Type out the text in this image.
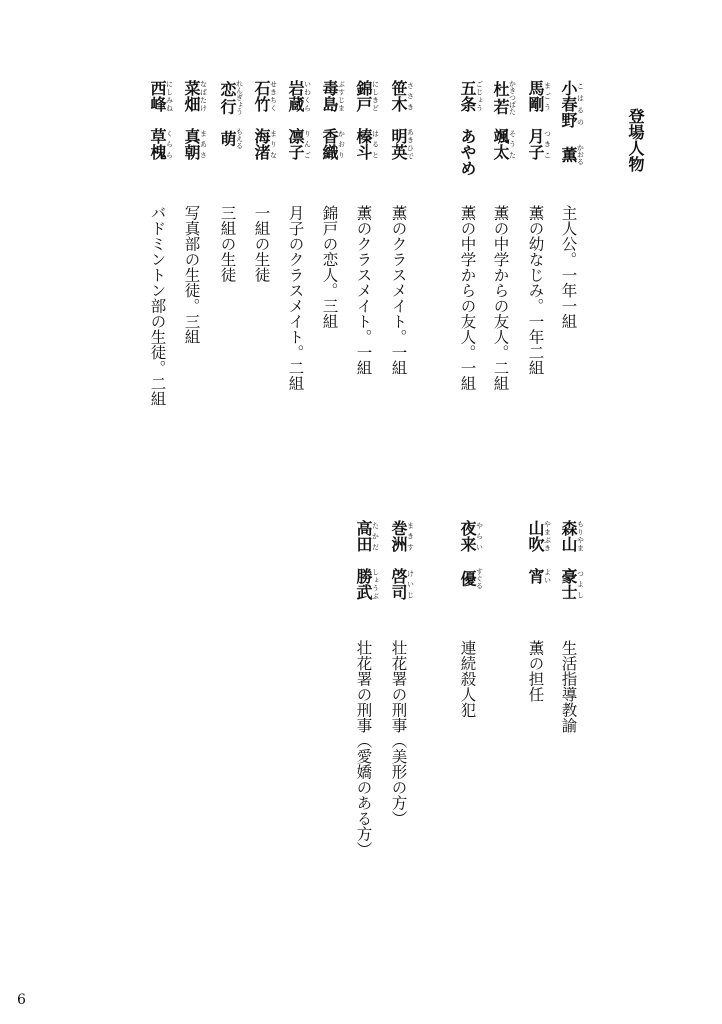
登場人物
小春野こはるの
薫かおる
主人公。一年一組
馬剛まごう
月子つきこ
薫の幼なじみ。一年二組
杜若かきつばた
颯太そうた
薫の中学からの友人。二組
五条ごじょう
あやめ
薫の中学からの友人。一組
笹木ささき
明英あきひで
薫のクラスメイト。一組
錦戸にしきど
榛斗はると
薫のクラスメイト。一組
毒島ぶすじま
香織かおり
錦戸の恋人。三組
岩蔵いわくら
凛子りんご
月子のクラスメイト。二組
石竹せきちく
海渚まりな
一組の生徒
恋行れんぎょう
萌もえる
三組の生徒
菜畑なばたけ
真朝まあさ
写真部の生徒。三組
西峰にしみね
草槐くらら
バドミントン部の生徒。二組
森山もりやま
豪士つよし
生活指導教諭
山吹やまぶき
宵よい
薫の担任
夜来やらい
優すぐる
連続殺人犯
巻洲まきす
啓司けいじ
壮花署の刑事（美形の方）
高田たかだ
勝武しょうぶ
壮花署の刑事（愛嬌のある方）
6
